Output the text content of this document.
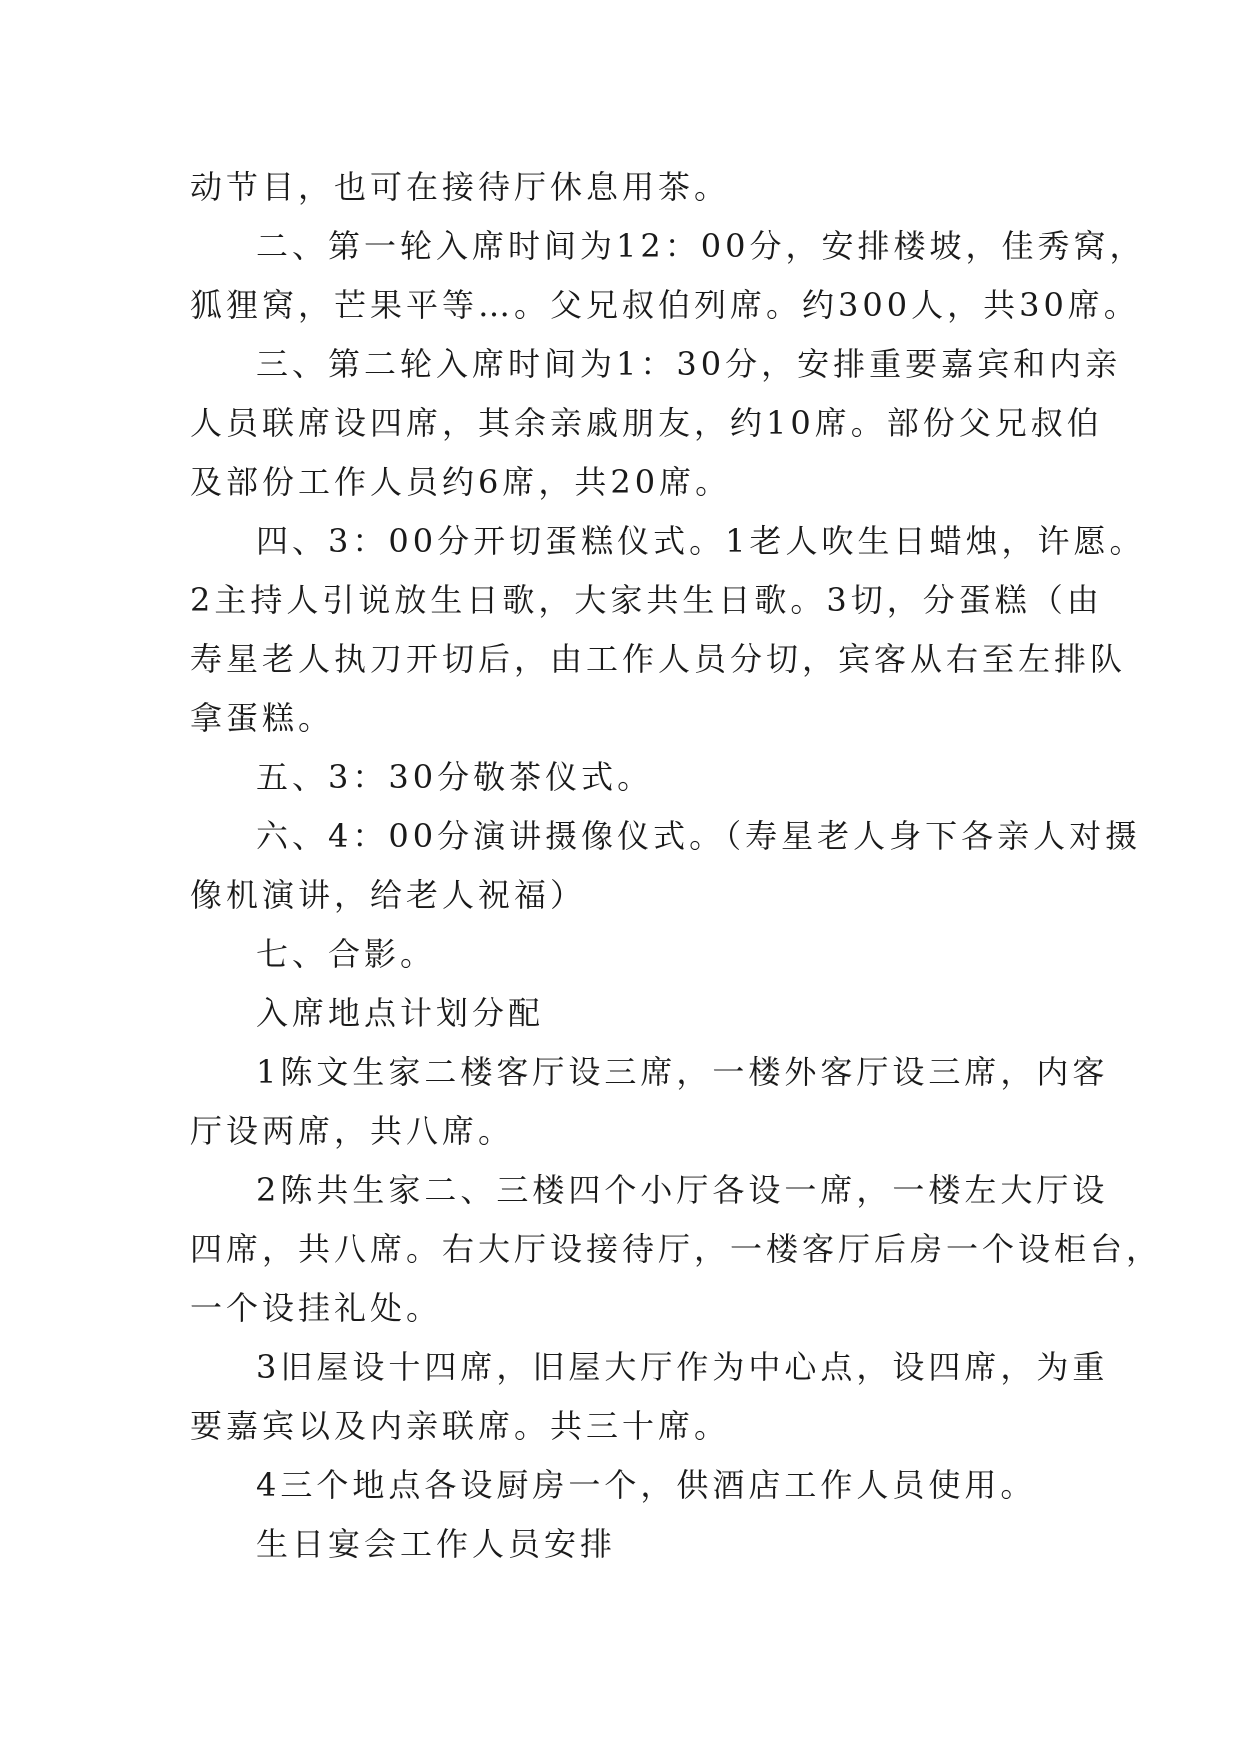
动节目，也可在接待厅休息用茶。
二、第一轮入席时间为12：00分，安排楼坡，佳秀窝，
狐狸窝，芒果平等…。父兄叔伯列席。约300人，共30席。
三、第二轮入席时间为1：30分，安排重要嘉宾和内亲
人员联席设四席，其余亲戚朋友，约10席。部份父兄叔伯
及部份工作人员约6席，共20席。
四、3：00分开切蛋糕仪式。1老人吹生日蜡烛，许愿。
2主持人引说放生日歌，大家共生日歌。3切，分蛋糕（由
寿星老人执刀开切后，由工作人员分切，宾客从右至左排队
拿蛋糕。
五、3：30分敬茶仪式。
六、4：00分演讲摄像仪式。（寿星老人身下各亲人对摄
像机演讲，给老人祝福）
七、合影。
入席地点计划分配
1陈文生家二楼客厅设三席，一楼外客厅设三席，内客
厅设两席，共八席。
2陈共生家二、三楼四个小厅各设一席，一楼左大厅设
四席，共八席。右大厅设接待厅，一楼客厅后房一个设柜台，
一个设挂礼处。
3旧屋设十四席，旧屋大厅作为中心点，设四席，为重
要嘉宾以及内亲联席。共三十席。
4三个地点各设厨房一个，供酒店工作人员使用。
生日宴会工作人员安排
